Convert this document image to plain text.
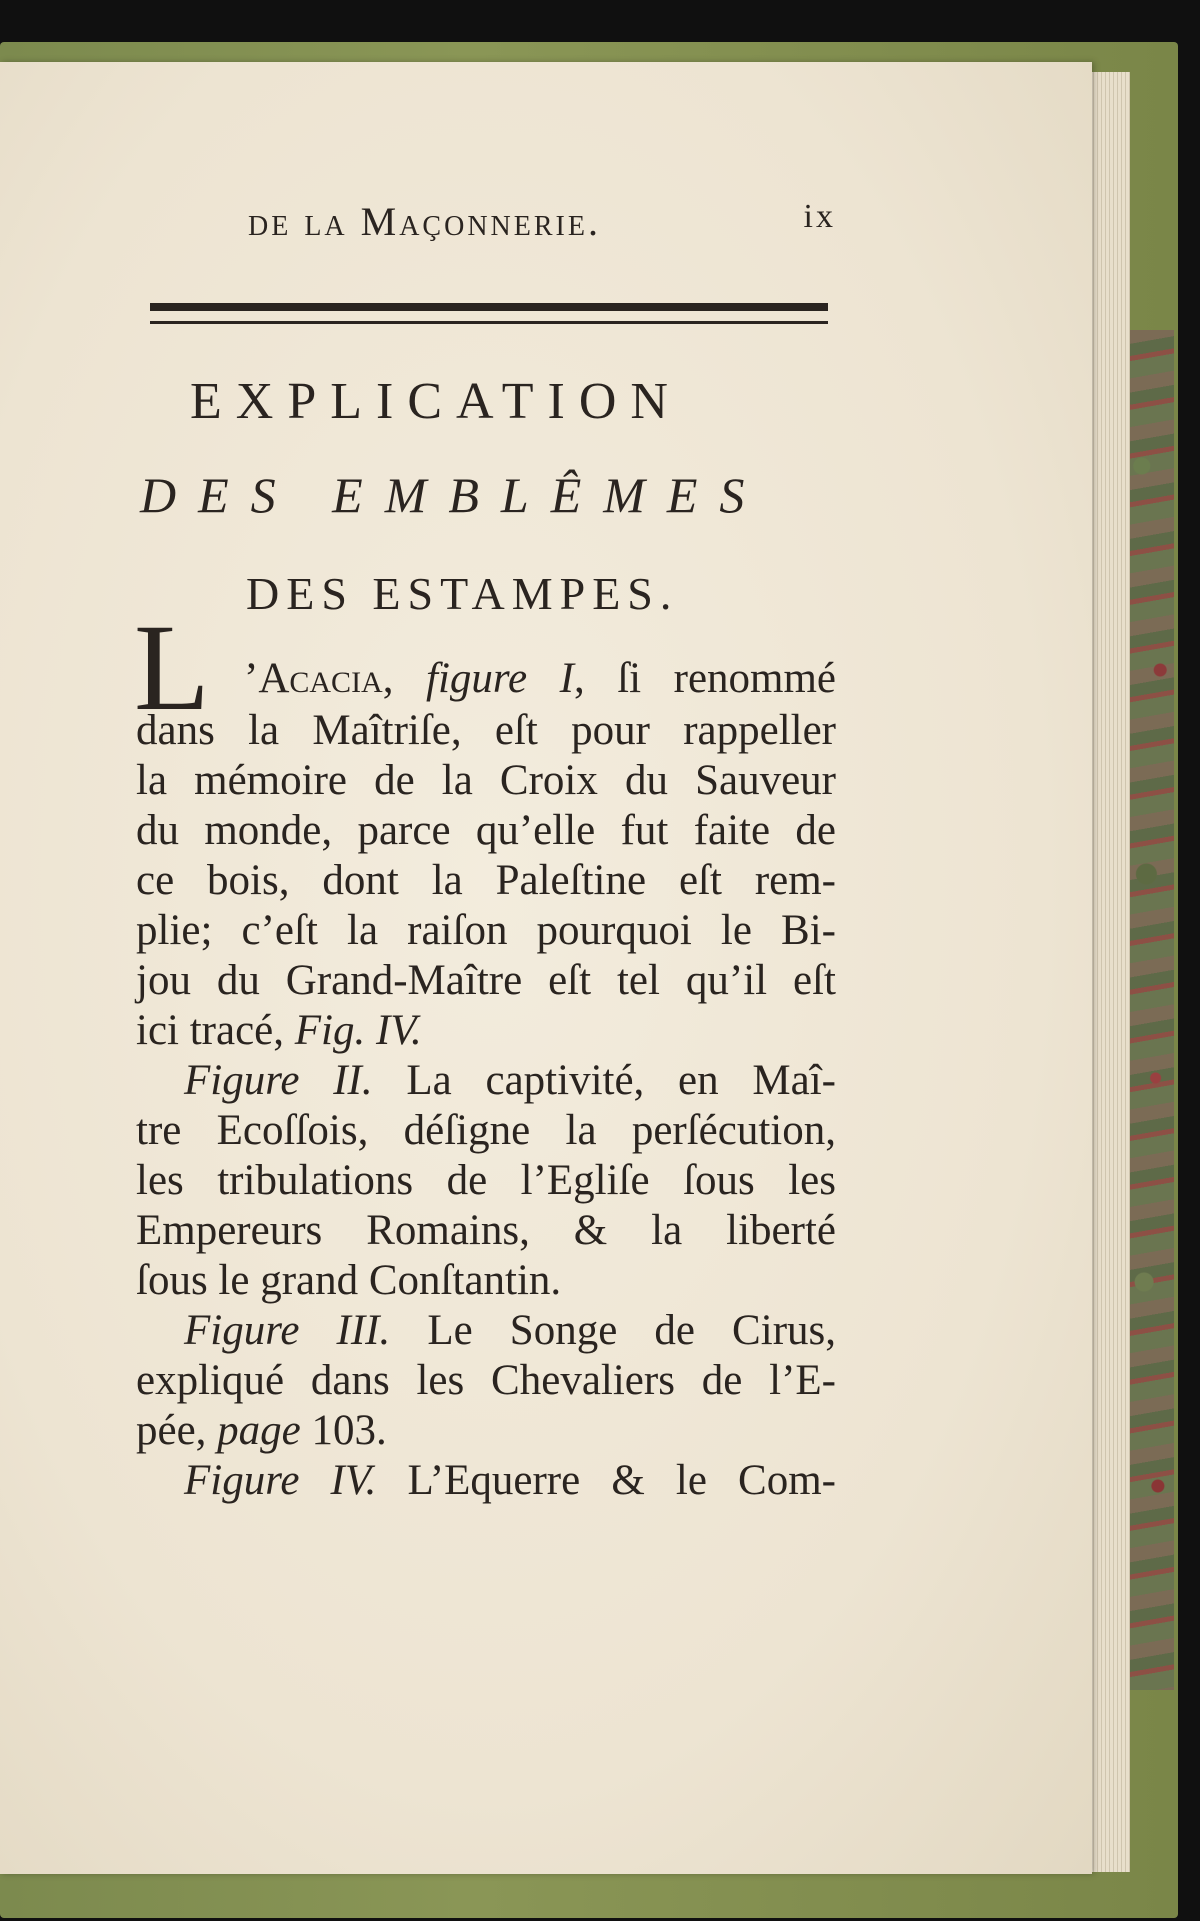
de la Maçonnerie.	ix
EXPLICATION
DES EMBLÊMES
DES ESTAMPES.
L ’Acacia, figure I, ſi renommé
dans la Maîtriſe, eſt pour rappeller
la mémoire de la Croix du Sauveur
du monde, parce qu’elle fut faite de
ce bois, dont la Paleſtine eſt rem-
plie; c’eſt la raiſon pourquoi le Bi-
jou du Grand-Maître eſt tel qu’il eſt
ici tracé, Fig. IV.
Figure II. La captivité, en Maî-
tre Ecoſſois, déſigne la perſécution,
les tribulations de l’Egliſe ſous les
Empereurs Romains, & la liberté
ſous le grand Conſtantin.
Figure III. Le Songe de Cirus,
expliqué dans les Chevaliers de l’E-
pée, page 103.
Figure IV. L’Equerre & le Com-
